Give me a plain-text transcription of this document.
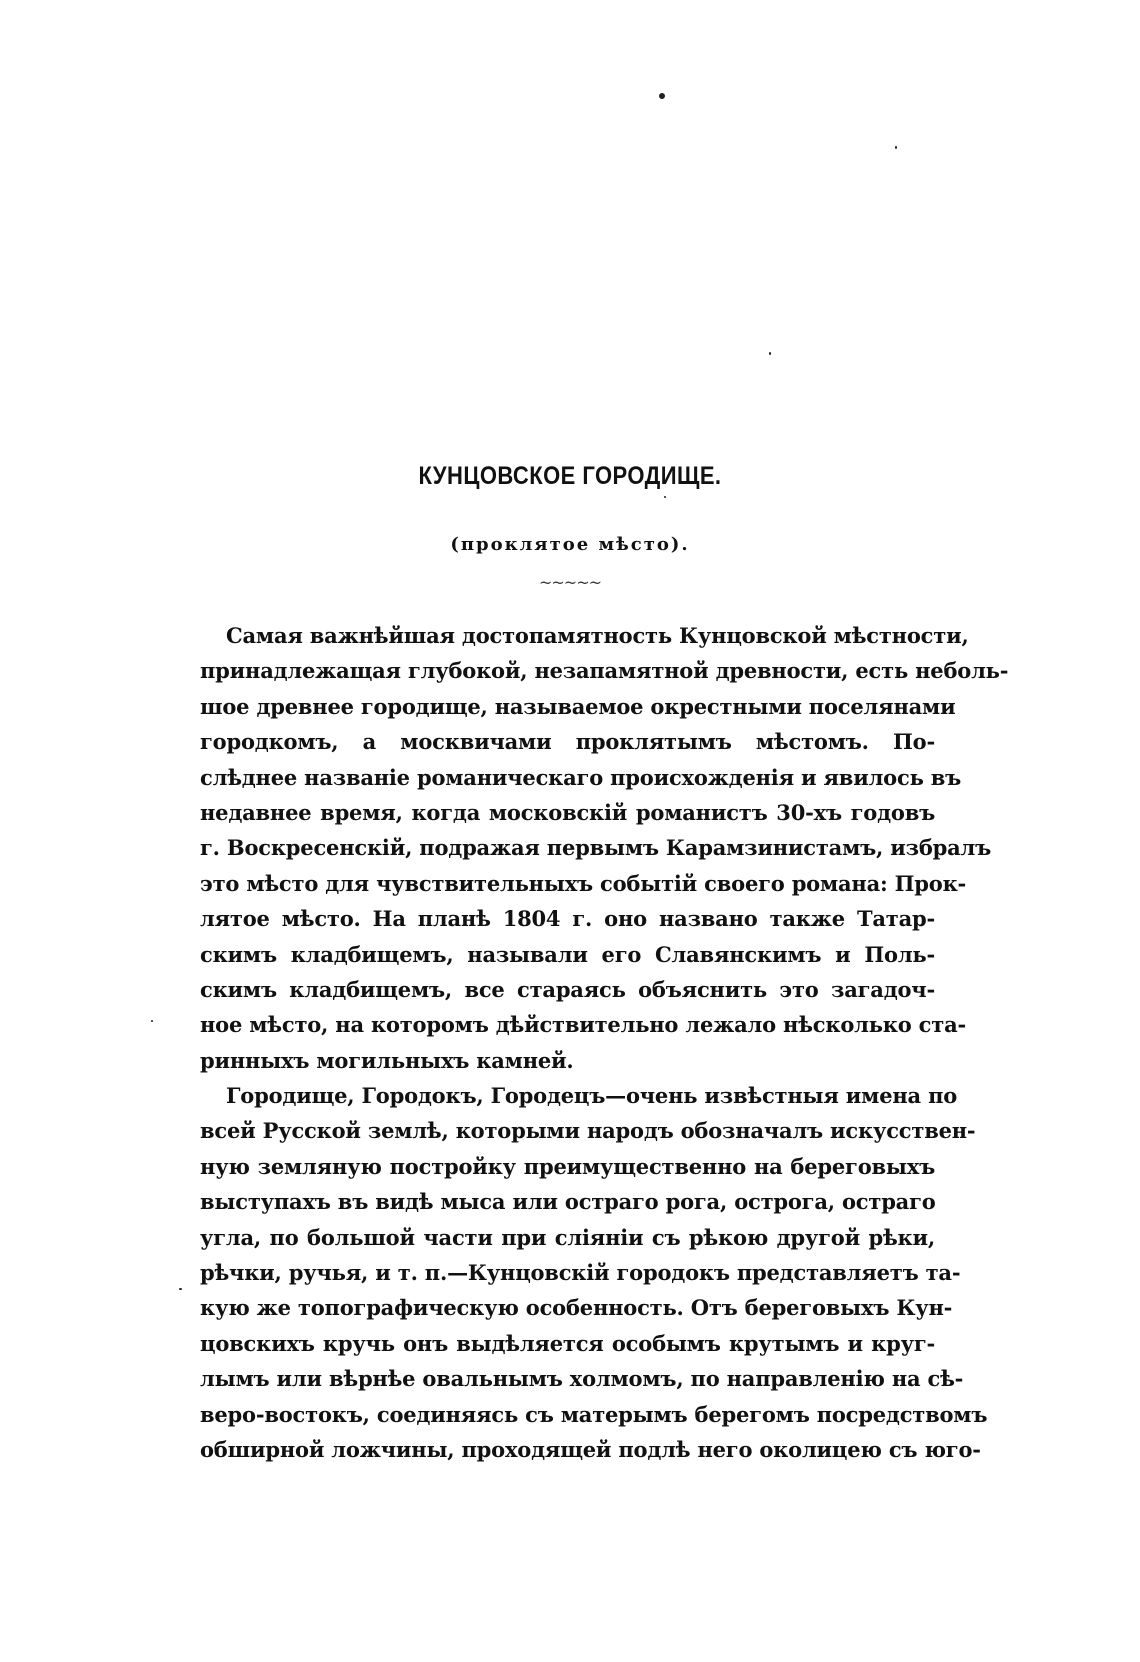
КУНЦОВСКОЕ ГОРОДИЩЕ.
(проклятое мѣсто).
~~~~~
Самая важнѣйшая достопамятность Кунцовской мѣстности,
принадлежащая глубокой, незапамятной древности, есть неболь-
шое древнее городище, называемое окрестными поселянами
городкомъ, а москвичами проклятымъ мѣстомъ. По-
слѣднее названіе романическаго происхожденія и явилось въ
недавнее время, когда московскій романистъ 30-хъ годовъ
г. Воскресенскій, подражая первымъ Карамзинистамъ, избралъ
это мѣсто для чувствительныхъ событій своего романа: Прок-
лятое мѣсто. На планѣ 1804 г. оно названо также Татар-
скимъ кладбищемъ, называли его Славянскимъ и Поль-
скимъ кладбищемъ, все стараясь объяснить это загадоч-
ное мѣсто, на которомъ дѣйствительно лежало нѣсколько ста-
ринныхъ могильныхъ камней.
Городище, Городокъ, Городецъ—очень извѣстныя имена по
всей Русской землѣ, которыми народъ обозначалъ искусствен-
ную земляную постройку преимущественно на береговыхъ
выступахъ въ видѣ мыса или остраго рога, острога, остраго
угла, по большой части при сліяніи съ рѣкою другой рѣки,
рѣчки, ручья, и т. п.—Кунцовскій городокъ представляетъ та-
кую же топографическую особенность. Отъ береговыхъ Кун-
цовскихъ кручь онъ выдѣляется особымъ крутымъ и круг-
лымъ или вѣрнѣе овальнымъ холмомъ, по направленію на сѣ-
веро-востокъ, соединяясь съ матерымъ берегомъ посредствомъ
обширной ложчины, проходящей подлѣ него околицею съ юго-
